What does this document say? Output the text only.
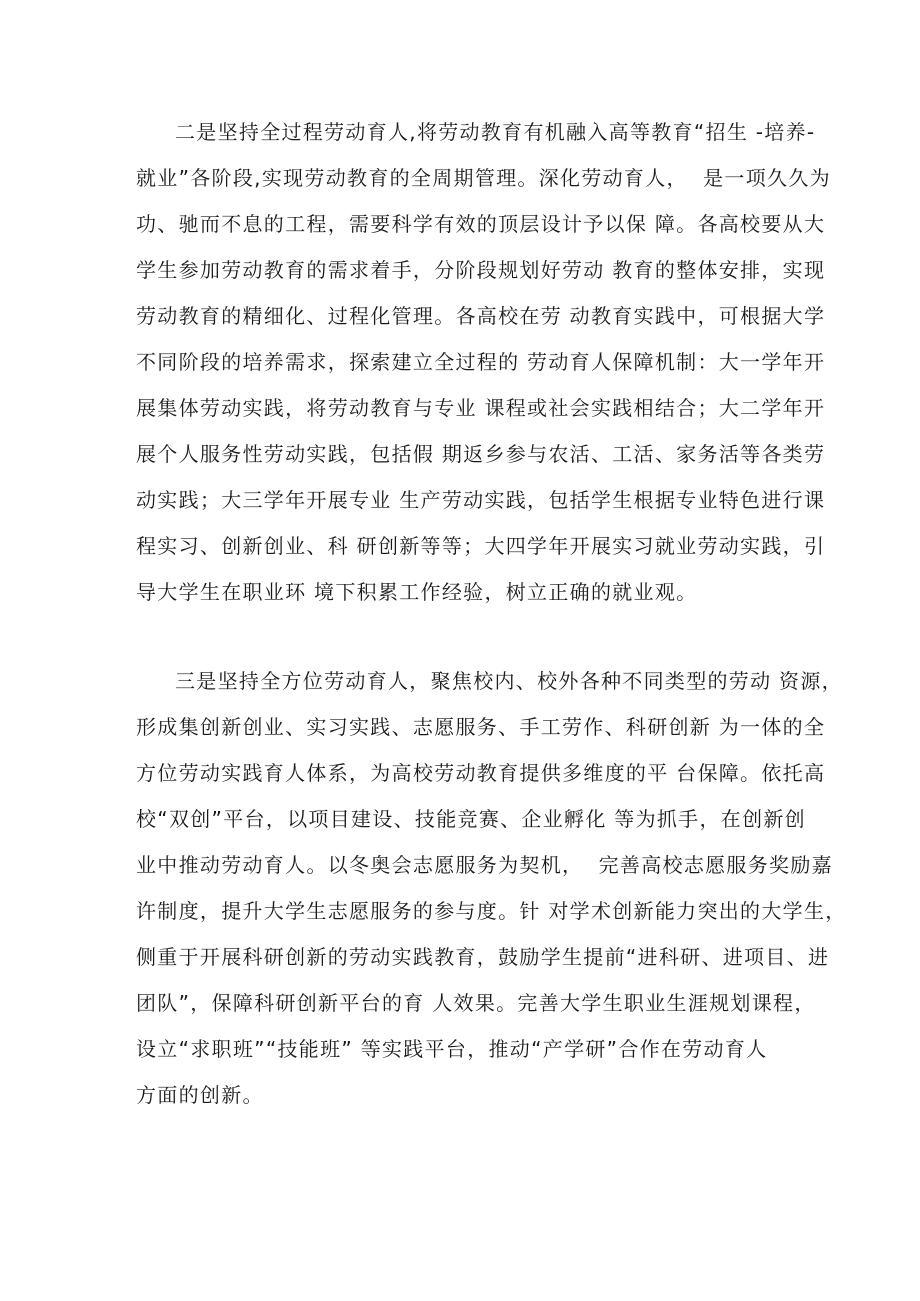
二是坚持全过程劳动育人,将劳动教育有机融入高等教育“招生 -培养-
就业”各阶段,实现劳动教育的全周期管理。深化劳动育人，  是一项久久为
功、驰而不息的工程，需要科学有效的顶层设计予以保 障。各高校要从大
学生参加劳动教育的需求着手，分阶段规划好劳动 教育的整体安排，实现
劳动教育的精细化、过程化管理。各高校在劳 动教育实践中，可根据大学
不同阶段的培养需求，探索建立全过程的 劳动育人保障机制：大一学年开
展集体劳动实践，将劳动教育与专业 课程或社会实践相结合；大二学年开
展个人服务性劳动实践，包括假 期返乡参与农活、工活、家务活等各类劳
动实践；大三学年开展专业 生产劳动实践，包括学生根据专业特色进行课
程实习、创新创业、科 研创新等等；大四学年开展实习就业劳动实践，引
导大学生在职业环 境下积累工作经验，树立正确的就业观。
三是坚持全方位劳动育人，聚焦校内、校外各种不同类型的劳动 资源，
形成集创新创业、实习实践、志愿服务、手工劳作、科研创新 为一体的全
方位劳动实践育人体系，为高校劳动教育提供多维度的平 台保障。依托高
校“双创”平台，以项目建设、技能竞赛、企业孵化 等为抓手，在创新创
业中推动劳动育人。以冬奥会志愿服务为契机，  完善高校志愿服务奖励嘉
许制度，提升大学生志愿服务的参与度。针 对学术创新能力突出的大学生，
侧重于开展科研创新的劳动实践教育，鼓励学生提前“进科研、进项目、进
团队”，保障科研创新平台的育 人效果。完善大学生职业生涯规划课程，
设立“求职班”“技能班” 等实践平台，推动“产学研”合作在劳动育人
方面的创新。
